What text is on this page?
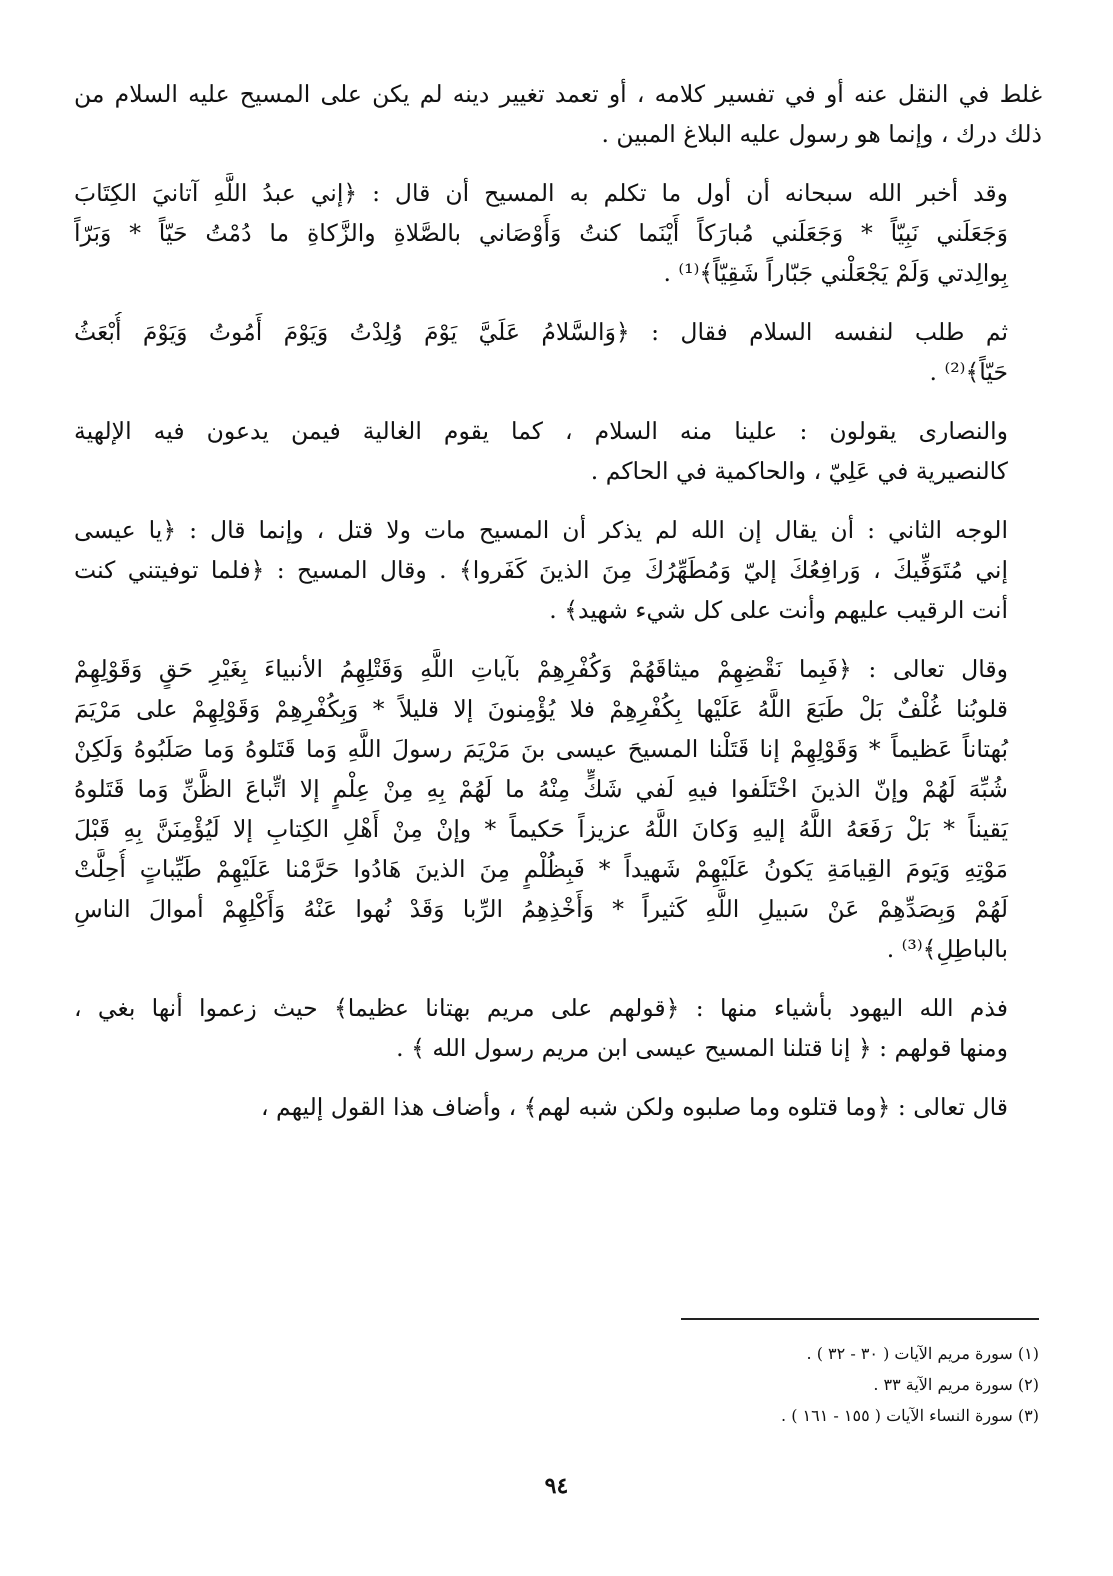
غلط في النقل عنه أو في تفسير كلامه ، أو تعمد تغيير دينه لم يكن على المسيح عليه السلام من
ذلك درك ، وإنما هو رسول عليه البلاغ المبين .
وقد أخبر الله سبحانه أن أول ما تكلم به المسيح أن قال : ﴿إني عبدُ اللَّهِ آتانيَ الكِتَابَ
وَجَعَلَني نَبِيّاً * وَجَعَلَني مُبارَكاً أَيْنَما كنتُ وَأَوْصَاني بالصَّلاةِ والزَّكاةِ ما دُمْتُ حَيّاً * وَبَرّاً
بِوالِدتي وَلَمْ يَجْعَلْني جَبّاراً شَقِيّاً﴾⁽¹⁾ .
ثم طلب لنفسه السلام فقال : ﴿وَالسَّلامُ عَلَيَّ يَوْمَ وُلِدْتُ وَيَوْمَ أَمُوتُ وَيَوْمَ أُبْعَثُ
حَيّاً﴾⁽²⁾ .
والنصارى يقولون : علينا منه السلام ، كما يقوم الغالية فيمن يدعون فيه الإلهية
كالنصيرية في عَلِيّ ، والحاكمية في الحاكم .
الوجه الثاني : أن يقال إن الله لم يذكر أن المسيح مات ولا قتل ، وإنما قال : ﴿يا عيسى
إني مُتَوَفِّيكَ ، وَرافِعُكَ إليّ وَمُطَهِّرُكَ مِنَ الذينَ كَفَروا﴾ . وقال المسيح : ﴿فلما توفيتني كنت
أنت الرقيب عليهم وأنت على كل شيء شهيد﴾ .
وقال تعالى : ﴿فَبِما نَقْضِهِمْ ميثاقَهُمْ وَكُفْرِهِمْ بآياتِ اللَّهِ وَقَتْلِهِمُ الأنبياءَ بِغَيْرِ حَقٍ وَقَوْلِهِمْ
قلوبُنا غُلْفٌ بَلْ طَبَعَ اللَّهُ عَلَيْها بِكُفْرِهِمْ فلا يُؤْمِنونَ إلا قليلاً * وَبِكُفْرِهِمْ وَقَوْلِهِمْ على مَرْيَمَ
بُهتاناً عَظيماً * وَقَوْلِهِمْ إنا قَتَلْنا المسيحَ عيسى بنَ مَرْيَمَ رسولَ اللَّهِ وَما قَتَلوهُ وَما صَلَبُوهُ وَلَكِنْ
شُبِّهَ لَهُمْ وإنّ الذينَ اخْتَلَفوا فيهِ لَفي شَكٍّ مِنْهُ ما لَهُمْ بِهِ مِنْ عِلْمٍ إلا اتِّباعَ الظَّنِّ وَما قَتَلوهُ
يَقيناً * بَلْ رَفَعَهُ اللَّهُ إليهِ وَكانَ اللَّهُ عزيزاً حَكيماً * وإنْ مِنْ أَهْلِ الكِتابِ إلا لَيُؤْمِنَنَّ بِهِ قَبْلَ
مَوْتِهِ وَيَومَ القِيامَةِ يَكونُ عَلَيْهِمْ شَهيداً * فَبِظُلْمٍ مِنَ الذينَ هَادُوا حَرَّمْنا عَلَيْهِمْ طَيِّباتٍ أُحِلَّتْ
لَهُمْ وَبِصَدِّهِمْ عَنْ سَبيلِ اللَّهِ كَثيراً * وَأَخْذِهِمُ الرِّبا وَقَدْ نُهوا عَنْهُ وَأَكْلِهِمْ أموالَ الناسِ
بالباطِلِ﴾⁽³⁾ .
فذم الله اليهود بأشياء منها : ﴿قولهم على مريم بهتانا عظيما﴾ حيث زعموا أنها بغي ،
ومنها قولهم : ﴿ إنا قتلنا المسيح عيسى ابن مريم رسول الله ﴾ .
قال تعالى : ﴿وما قتلوه وما صلبوه ولكن شبه لهم﴾ ، وأضاف هذا القول إليهم ،
(١) سورة مريم الآيات ( ٣٠ - ٣٢ ) .
(٢) سورة مريم الآية ٣٣ .
(٣) سورة النساء الآيات ( ١٥٥ - ١٦١ ) .
٩٤
